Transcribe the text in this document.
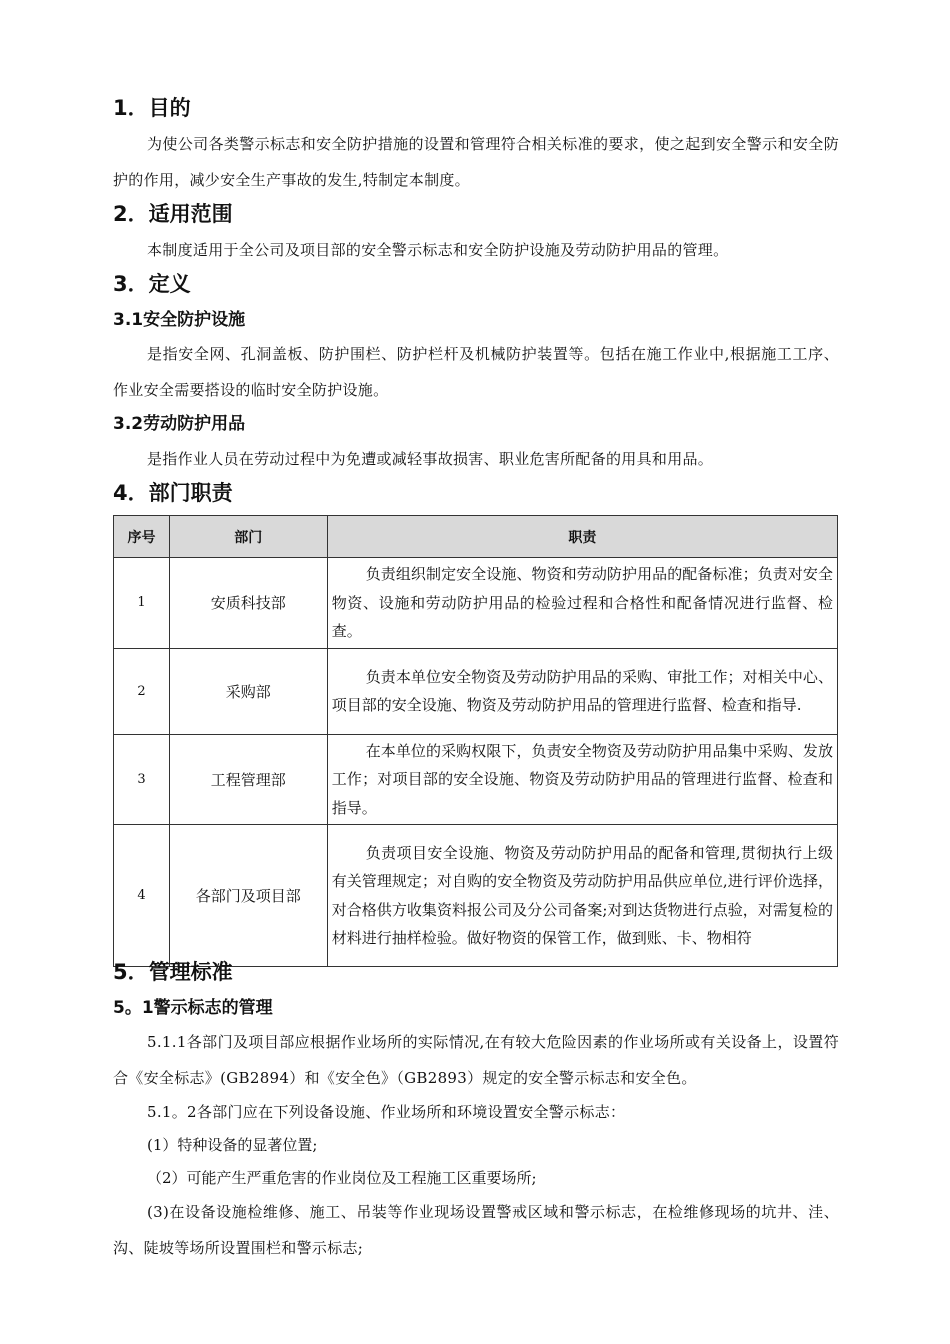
1．目的

为使公司各类警示标志和安全防护措施的设置和管理符合相关标准的要求，使之起到安全警示和安全防护的作用，减少安全生产事故的发生,特制定本制度。

2．适用范围

本制度适用于全公司及项目部的安全警示标志和安全防护设施及劳动防护用品的管理。

3．定义
3.1安全防护设施

是指安全网、孔洞盖板、防护围栏、防护栏杆及机械防护装置等。包括在施工作业中,根据施工工序、作业安全需要搭设的临时安全防护设施。

3.2劳动防护用品

是指作业人员在劳动过程中为免遭或减轻事故损害、职业危害所配备的用具和用品。

4．部门职责
序号	部门	职责
1	安质科技部	负责组织制定安全设施、物资和劳动防护用品的配备标准；负责对安全物资、设施和劳动防护用品的检验过程和合格性和配备情况进行监督、检查。
2	采购部	负责本单位安全物资及劳动防护用品的采购、审批工作；对相关中心、项目部的安全设施、物资及劳动防护用品的管理进行监督、检查和指导.
3	工程管理部	在本单位的采购权限下，负责安全物资及劳动防护用品集中采购、发放工作；对项目部的安全设施、物资及劳动防护用品的管理进行监督、检查和指导。
4	各部门及项目部	负责项目安全设施、物资及劳动防护用品的配备和管理,贯彻执行上级有关管理规定；对自购的安全物资及劳动防护用品供应单位,进行评价选择，对合格供方收集资料报公司及分公司备案;对到达货物进行点验，对需复检的材料进行抽样检验。做好物资的保管工作，做到账、卡、物相符
5．管理标准
5。1警示标志的管理

5.1.1各部门及项目部应根据作业场所的实际情况,在有较大危险因素的作业场所或有关设备上，设置符合《安全标志》(GB2894）和《安全色》（GB2893）规定的安全警示标志和安全色。

5.1。2各部门应在下列设备设施、作业场所和环境设置安全警示标志：

(1）特种设备的显著位置;

（2）可能产生严重危害的作业岗位及工程施工区重要场所;

(3)在设备设施检维修、施工、吊装等作业现场设置警戒区域和警示标志，在检维修现场的坑井、洼、沟、陡坡等场所设置围栏和警示标志;
